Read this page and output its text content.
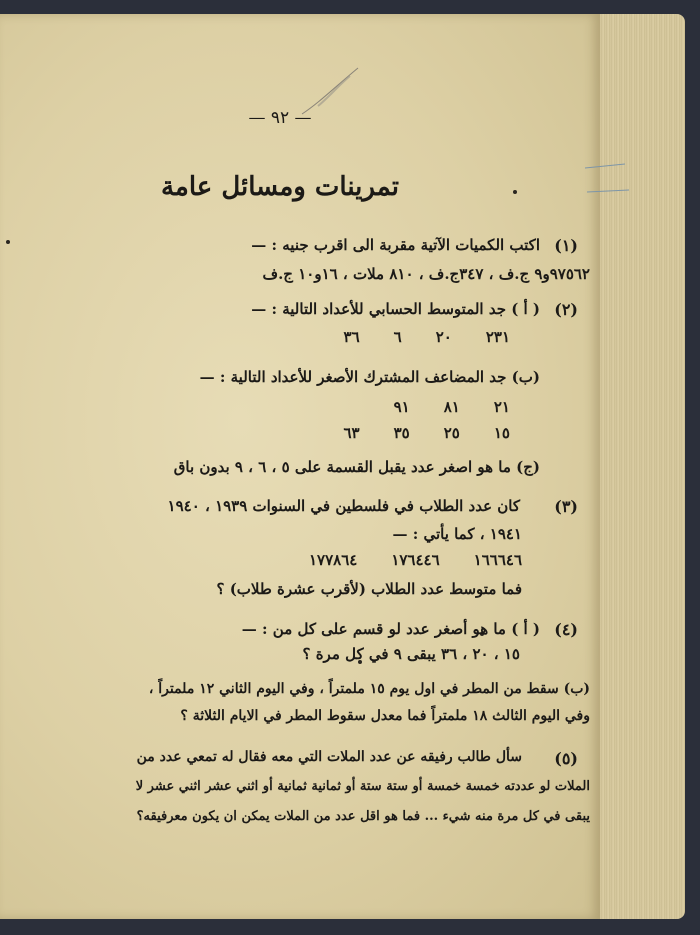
— ٩٢ —
تمرينات ومسائل عامة
(١)
اكتب الكميات الآتية مقربة الى اقرب جنيه : —
٩٧٥٦٢و٩ ج.ف ، ٣٤٧ج.ف ، ٨١٠ ملات ، ١٦و١٠ ج.ف
(٢)
( أ ) جد المتوسط الحسابي للأعداد التالية : —
٢٣١
٢٠
٦
٣٦
(ب) جد المضاعف المشترك الأصغر للأعداد التالية : —
٢١
٨١
٩١
١٥
٢٥
٣٥
٦٣
(ج) ما هو اصغر عدد يقبل القسمة على ٥ ، ٦ ، ٩ بدون باق
(٣)
كان عدد الطلاب في فلسطين في السنوات ١٩٣٩ ، ١٩٤٠
١٩٤١ ، كما يأتي : —
١٦٦٦٤٦
١٧٦٤٤٦
١٧٧٨٦٤
فما متوسط عدد الطلاب (لأقرب عشرة طلاب) ؟
(٤)
( أ ) ما هو أصغر عدد لو قسم على كل من : —
١٥ ، ٢٠ ، ٣٦ يبقى ٩ في كل مرة ؟
(ب) سقط من المطر في اول يوم ١٥ ملمتراً ، وفي اليوم الثاني ١٢ ملمتراً ،
وفي اليوم الثالث ١٨ ملمتراً فما معدل سقوط المطر في الايام الثلاثة ؟
(٥)
سأل طالب رفيقه عن عدد الملات التي معه فقال له تمعي عدد من
الملات لو عددته خمسة خمسة أو ستة ستة أو ثمانية ثمانية أو اثني عشر اثني عشر لا
يبقى في كل مرة منه شيء ... فما هو اقل عدد من الملات يمكن ان يكون معرفيقه؟
